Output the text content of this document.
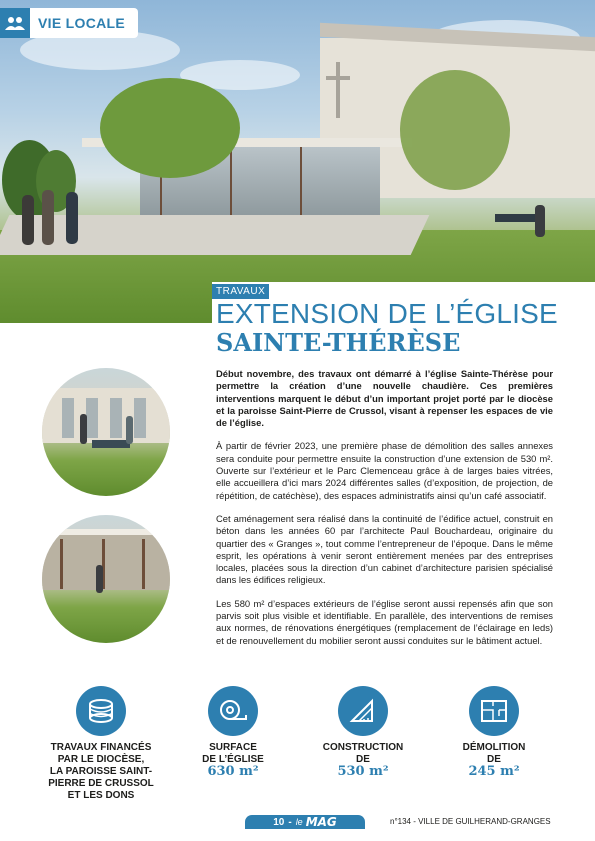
VIE LOCALE
TRAVAUX
EXTENSION DE L’ÉGLISE
SAINTE-THÉRÈSE

Début novembre, des travaux ont démarré à l’église Sainte-Thérèse pour permettre la création d’une nouvelle chaudière. Ces premières interventions marquent le début d’un important projet porté par le diocèse et la paroisse Saint-Pierre de Crussol, visant à repenser les espaces de vie de l’église.

À partir de février 2023, une première phase de démolition des salles annexes sera conduite pour permettre ensuite la construction d’une extension de 530 m². Ouverte sur l’extérieur et le Parc Clemenceau grâce à de larges baies vitrées, elle accueillera d’ici mars 2024 différentes salles (d’exposition, de projection, de répétition, de catéchèse), des espaces administratifs ainsi qu’un café associatif.

Cet aménagement sera réalisé dans la continuité de l’édifice actuel, construit en béton dans les années 60 par l’architecte Paul Bouchardeau, originaire du quartier des « Granges », tout comme l’entrepreneur de l’époque. Dans le même esprit, les opérations à venir seront entièrement menées par des entreprises locales, placées sous la direction d’un cabinet d’architecture parisien spécialisé dans les édifices religieux.

Les 580 m² d’espaces extérieurs de l’église seront aussi repensés afin que son parvis soit plus visible et identifiable. En parallèle, des interventions de remises aux normes, de rénovations énergétiques (remplacement de l’éclairage en leds) et de renouvellement du mobilier seront aussi conduites sur le bâtiment actuel.

TRAVAUX FINANCÉS
PAR LE DIOCÈSE,
LA PAROISSE SAINT-
PIERRE DE CRUSSOL
ET LES DONS
SURFACE
DE L’ÉGLISE
630 m²
CONSTRUCTION
DE
530 m²
DÉMOLITION
DE
245 m²
10 - le MAG	n°134 - VILLE DE GUILHERAND-GRANGES
